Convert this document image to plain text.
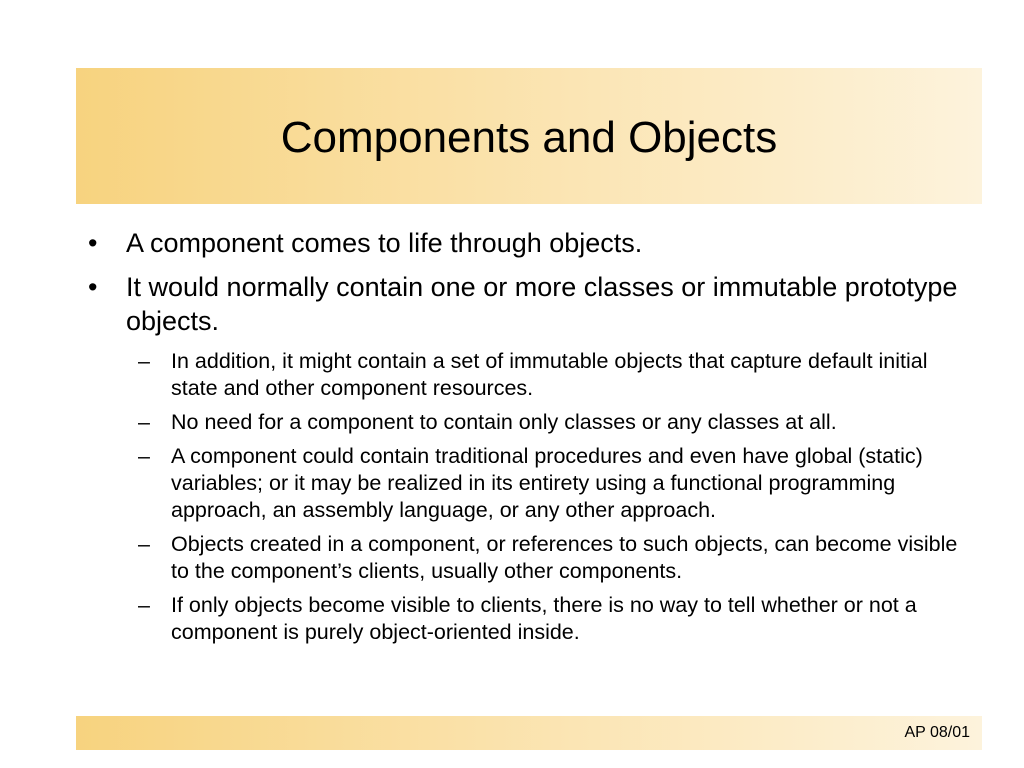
Components and Objects
• A component comes to life through objects.
• It would normally contain one or more classes or immutable prototype objects.
– In addition, it might contain a set of immutable objects that capture default initial state and other component resources.
– No need for a component to contain only classes or any classes at all.
– A component could contain traditional procedures and even have global (static) variables; or it may be realized in its entirety using a functional programming approach, an assembly language, or any other approach.
– Objects created in a component, or references to such objects, can become visible to the component’s clients, usually other components.
– If only objects become visible to clients, there is no way to tell whether or not a component is purely object-oriented inside.
AP 08/01
